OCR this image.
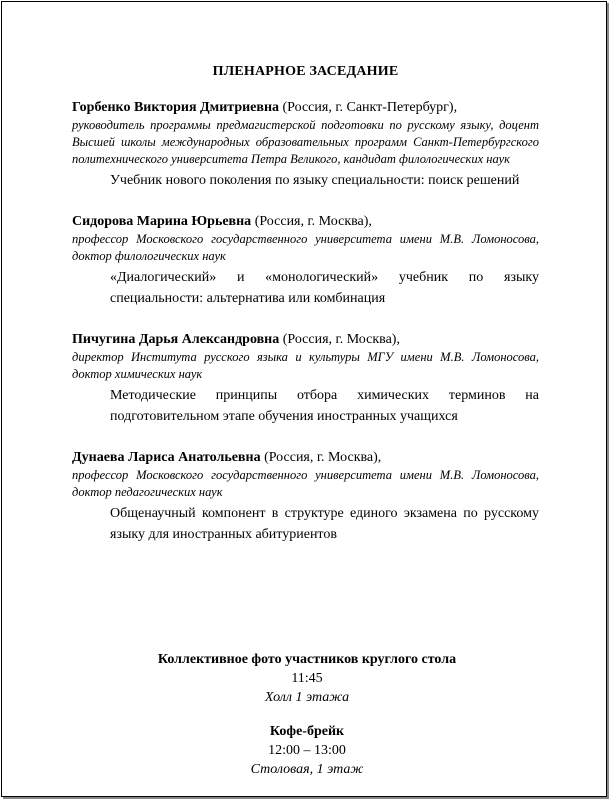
ПЛЕНАРНОЕ ЗАСЕДАНИЕ
Горбенко Виктория Дмитриевна (Россия, г. Санкт-Петербург),
руководитель программы предмагистерской подготовки по русскому языку, доцент Высшей школы международных образовательных программ Санкт-Петербургского политехнического университета Петра Великого, кандидат филологических наук
Учебник нового поколения по языку специальности: поиск решений
Сидорова Марина Юрьевна (Россия, г. Москва),
профессор Московского государственного университета имени М.В. Ломоносова, доктор филологических наук
«Диалогический» и «монологический» учебник по языку специальности: альтернатива или комбинация
Пичугина Дарья Александровна (Россия, г. Москва),
директор Института русского языка и культуры МГУ имени М.В. Ломоносова, доктор химических наук
Методические принципы отбора химических терминов на подготовительном этапе обучения иностранных учащихся
Дунаева Лариса Анатольевна (Россия, г. Москва),
профессор Московского государственного университета имени М.В. Ломоносова, доктор педагогических наук
Общенаучный компонент в структуре единого экзамена по русскому языку для иностранных абитуриентов
Коллективное фото участников круглого стола
11:45
Холл 1 этажа
Кофе-брейк
12:00 – 13:00
Столовая, 1 этаж
